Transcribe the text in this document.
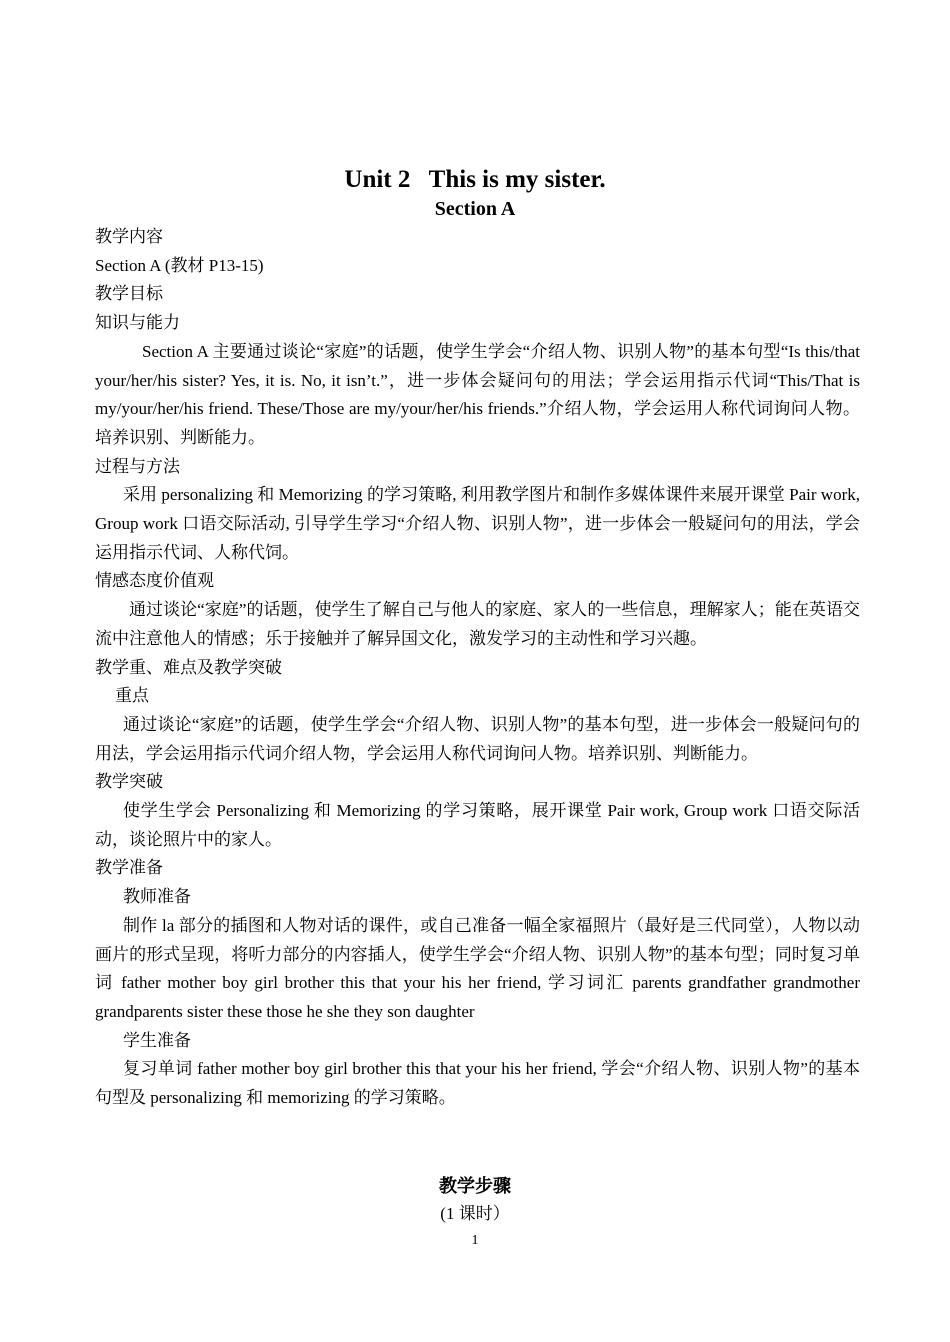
Unit 2   This is my sister.
Section A

教学内容

Section A (教材 P13-15)

教学目标

知识与能力

Section A 主要通过谈论“家庭”的话题，使学生学会“介绍人物、识别人物”的基本句型“Is this/that your/her/his sister? Yes, it is. No, it isn’t.”，进一步体会疑问句的用法；学会运用指示代词“This/That is my/your/her/his friend. These/Those are my/your/her/his friends.”介绍人物，学会运用人称代词询问人物。培养识别、判断能力。

过程与方法

采用 personalizing 和 Memorizing 的学习策略, 利用教学图片和制作多媒体课件来展开课堂 Pair work, Group work 口语交际活动, 引导学生学习“介绍人物、识别人物”，进一步体会一般疑问句的用法，学会运用指示代词、人称代饲。

情感态度价值观

通过谈论“家庭”的话题，使学生了解自己与他人的家庭、家人的一些信息，理解家人；能在英语交流中注意他人的情感；乐于接触并了解异国文化，激发学习的主动性和学习兴趣。

教学重、难点及教学突破

重点

通过谈论“家庭”的话题，使学生学会“介绍人物、识别人物”的基本句型，进一步体会一般疑问句的用法，学会运用指示代词介绍人物，学会运用人称代词询问人物。培养识别、判断能力。

教学突破

使学生学会 Personalizing 和 Memorizing 的学习策略，展开课堂 Pair work, Group work 口语交际活动，谈论照片中的家人。

教学准备

教师准备

制作 la 部分的插图和人物对话的课件，或自己准备一幅全家福照片（最好是三代同堂），人物以动画片的形式呈现，将听力部分的内容插人，使学生学会“介绍人物、识别人物”的基本句型；同时复习单词 father mother boy girl brother this that your his her friend, 学习词汇 parents grandfather grandmother grandparents sister these those he she they son daughter

学生准备

复习单词 father mother boy girl brother this that your his her friend, 学会“介绍人物、识别人物”的基本句型及 personalizing 和 memorizing 的学习策略。

教学步骤
(1 课时）
1
